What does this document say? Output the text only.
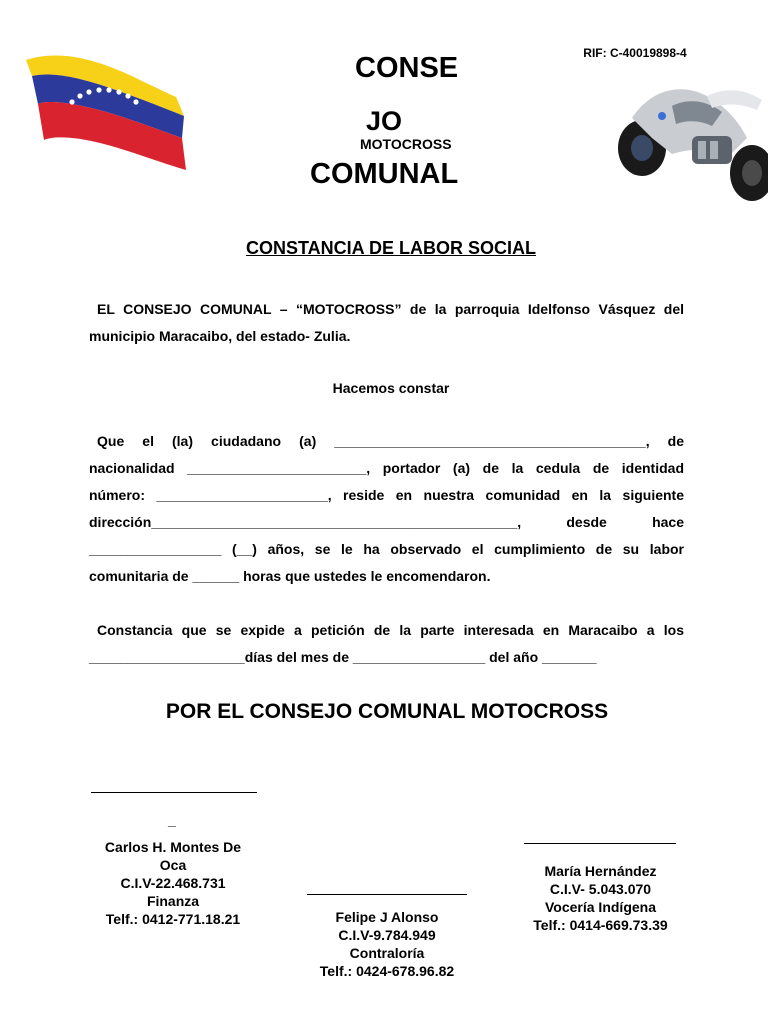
RIF: C-40019898-4
CONSE
JO
MOTOCROSS
COMUNAL
CONSTANCIA DE LABOR SOCIAL
EL CONSEJO COMUNAL – “MOTOCROSS” de la parroquia Idelfonso Vásquez del
municipio Maracaibo, del estado- Zulia.
Hacemos constar
Que el (la) ciudadano (a) ________________________________________, de
nacionalidad _______________________, portador (a) de la cedula de identidad
número: ______________________, reside en nuestra comunidad en la siguiente
dirección_______________________________________________, desde hace
_________________ (__) años, se le ha observado el cumplimiento de su labor
comunitaria de ______ horas que ustedes le encomendaron.
Constancia que se expide a petición de la parte interesada en Maracaibo a los
____________________días del mes de _________________ del año _______
POR EL CONSEJO COMUNAL MOTOCROSS
_
Carlos H. Montes De
Oca
C.I.V-22.468.731
Finanza
Telf.: 0412-771.18.21	Felipe J Alonso
C.I.V-9.784.949
Contraloría
Telf.: 0424-678.96.82
María Hernández
C.I.V- 5.043.070
Vocería Indígena
Telf.: 0414-669.73.39
